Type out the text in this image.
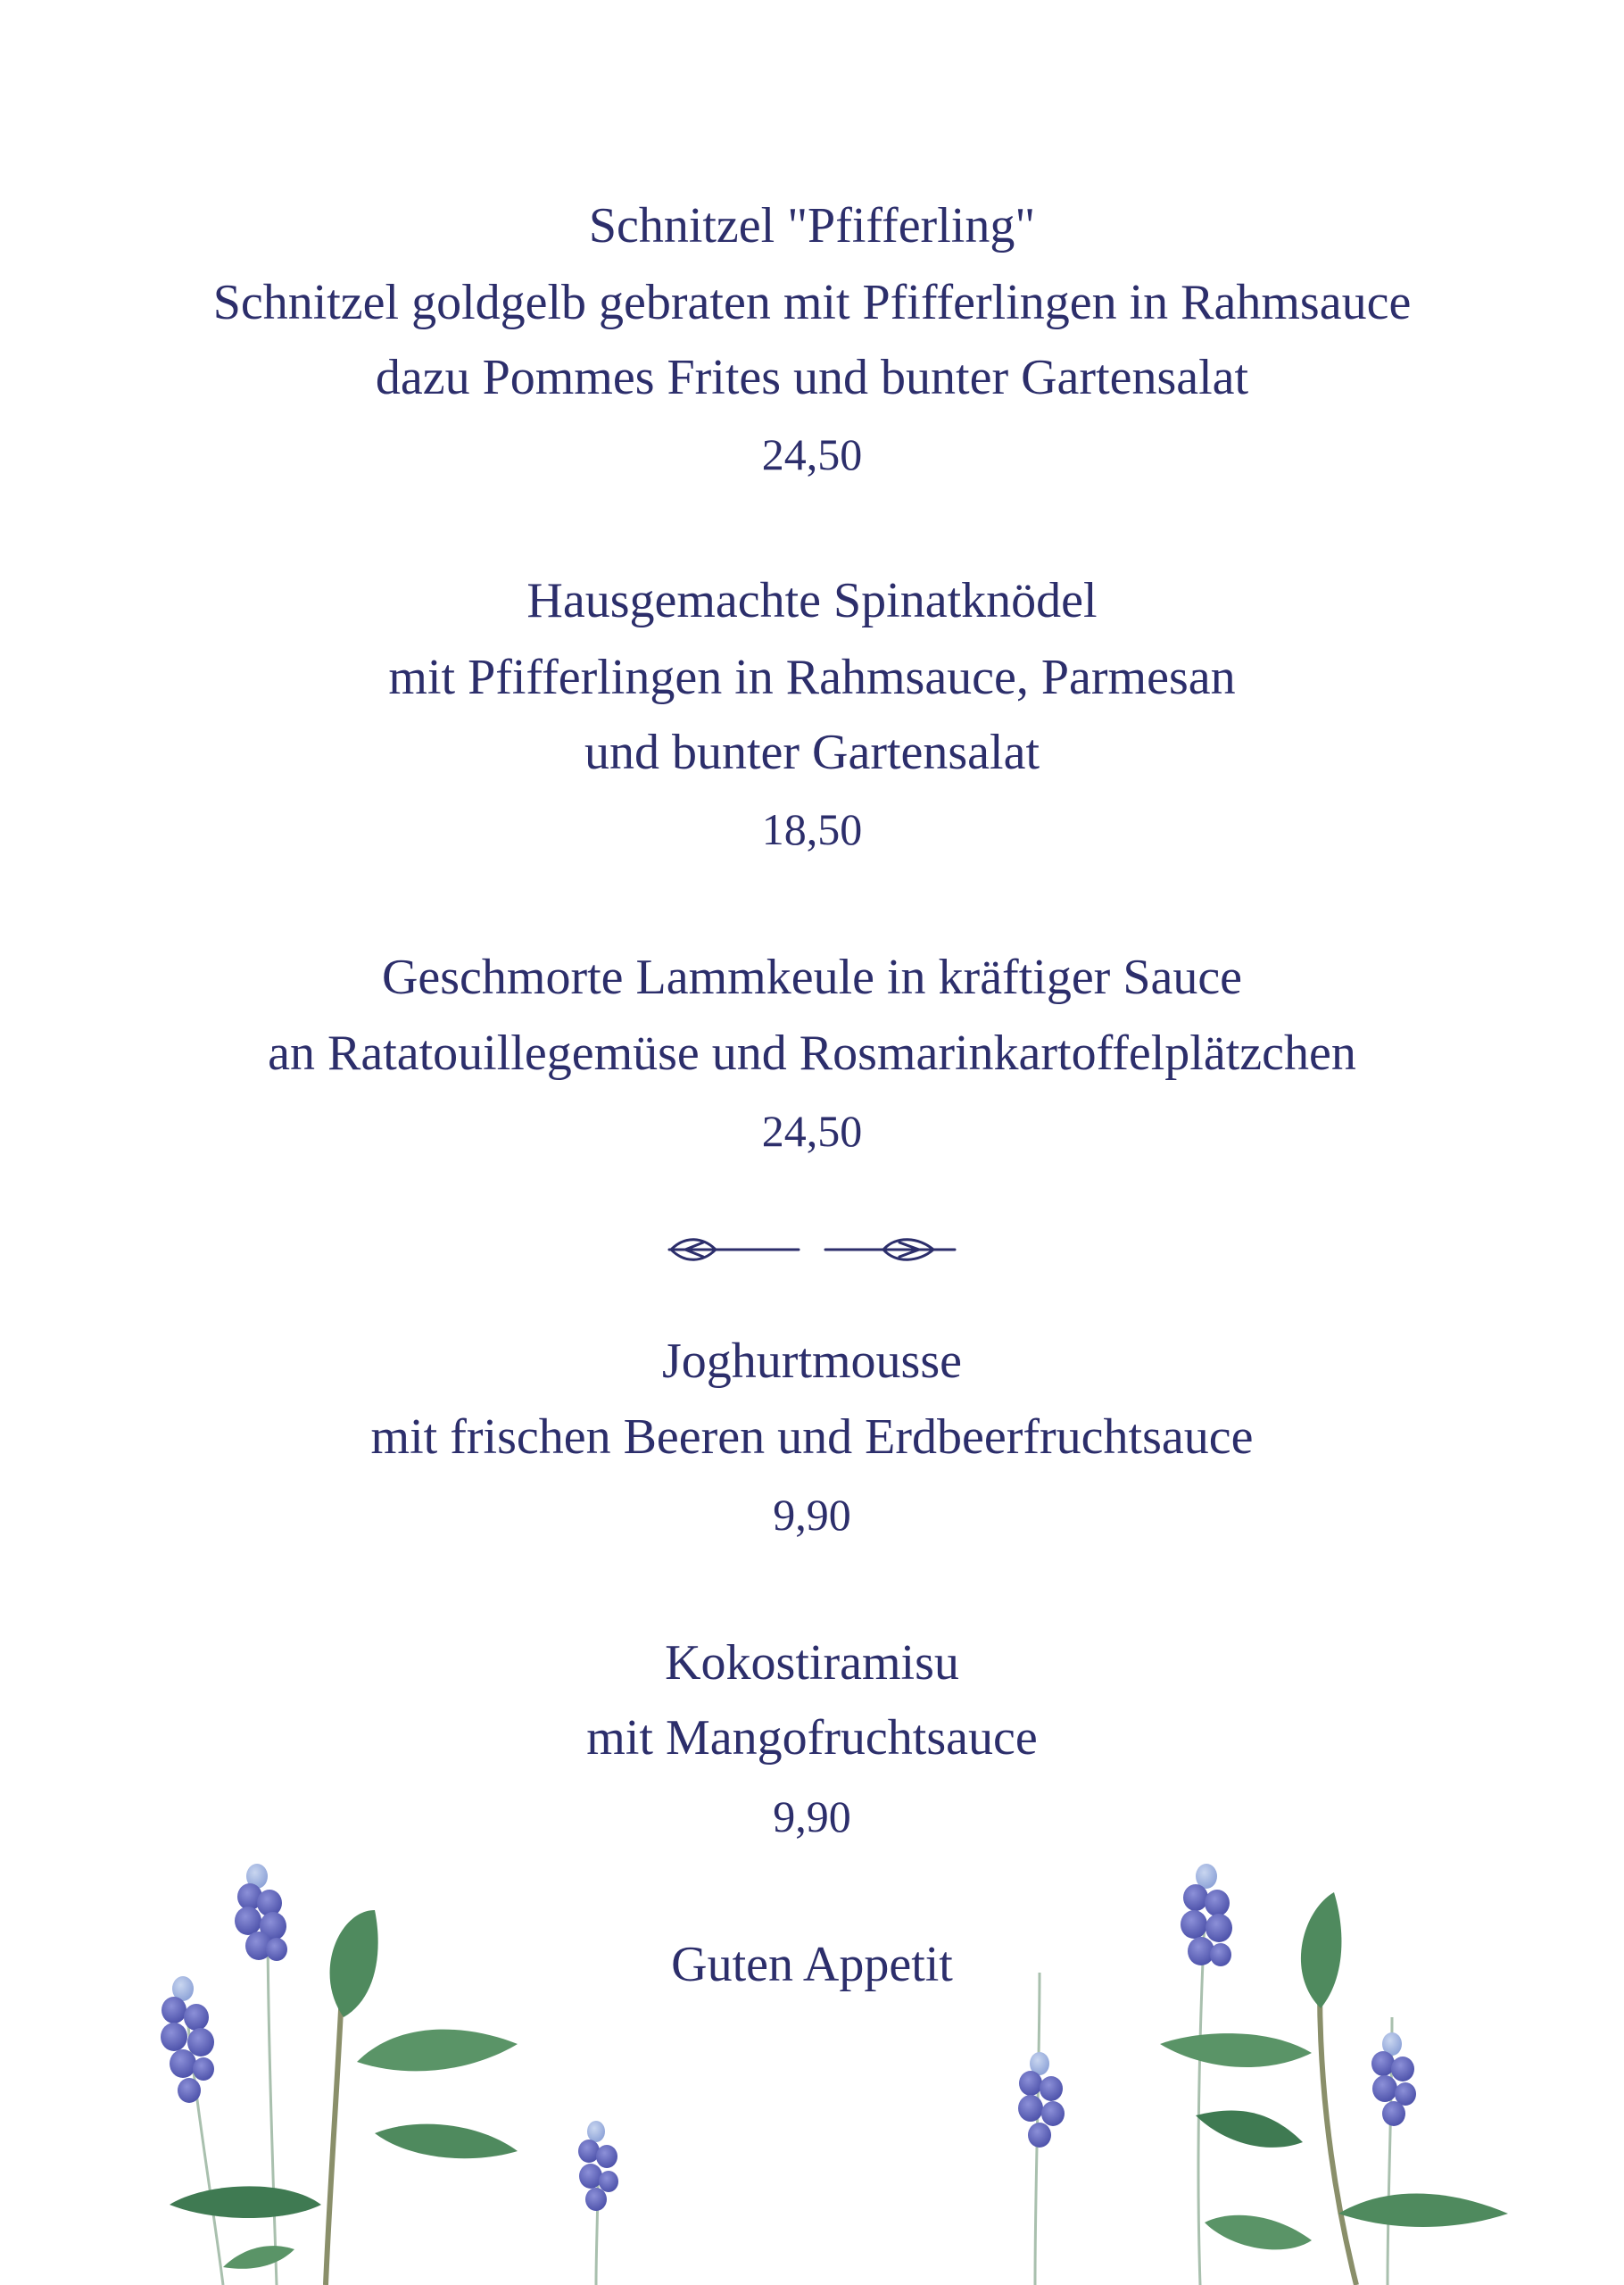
Schnitzel "Pfifferling"
Schnitzel goldgelb gebraten mit Pfifferlingen in Rahmsauce
dazu Pommes Frites und bunter Gartensalat
24,50
Hausgemachte Spinatknödel
mit Pfifferlingen in Rahmsauce, Parmesan
und bunter Gartensalat
18,50
Geschmorte Lammkeule in kräftiger Sauce
an Ratatouillegemüse und Rosmarinkartoffelplätzchen
24,50
Joghurtmousse
mit frischen Beeren und Erdbeerfruchtsauce
9,90
Kokostiramisu
mit Mangofruchtsauce
9,90
Guten Appetit
